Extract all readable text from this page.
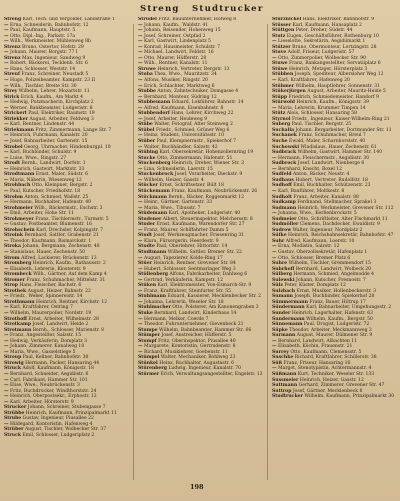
Streng Studtrucker

Streng Karl, Tech. und Vergolder, Landstraße 1

— Erna, Schneiderin, Bahnhofstr. 12

— Paul, Kaufmann, Hauptstr. 5

— Otto, Dipl.-Ing., Parkstr. 17a

— Wilh., Werkmeister, Mühlenweg 8b

Strenz Bruno, Ostertor, Hofstr. 29

— Johann, Maurer, Borgstr. 77 I

Strenz Max, Ingenieur, Sandweg 9

— Robert, Bäckerei, Tecklenb. Str. 6

— Hans, Schlosser, Weststr. 14

Streuf Franz, Schreiner, Neustadt 5

— Hugo, Polizeibeamter, Kampstr. 23 II

— Wilh., Tischler, Breite Str. 30

Strey Wilhelm, Lehrer, Mozartstr. 11

Strick Erich, Kaufm., Am Markt 4

— Hedwig, Putzmacherin, Kirchplatz 2

— Werner, Bankbeamter, Ludgeristr. 8

Strickert Paul, Elektriker, Baumstr. 19

Striekker August, Arbeiter, Feldweg 3

— Karl, Rentner, Lindenstr. 44

Striekmann Fritz, Zimmermann, Lange Str. 7

— Heinrich, Fuhrmann, Kanalstr. 20

— Josef, Bahnarbeiter, Gartenstr. 15

Strobel Georg, Uhrmacher, Hindenburgpl. 10

— Karl, Buchbinder, Schulstr. 9

— Luise, Wwe., Ringstr. 27

Strodt Bernh., Landwirt, Dorfstr. 1

— Heinrich, Gastwirt, Marktstr. 33

Strodtmann Ernst, Maler, Südstr. 6

— Maria, Näherin, Wiesenweg 12

Strohbach Otto, Klempner, Bergstr. 2

— Paul, Kutscher, Friedhofstr. 18

Strohm Anton, Schmied, Wallstr. 25

— Hermann, Buchhalter, Hafenstr. 40

Strohmeier Wilh., Bäckermstr., Eschstr. 3

— Emil, Arbeiter, Hohe Str. 11

Strohmeyer Franz, Tischlermstr., Turmstr. 5

— Gustav, Postbeamter, Blumenstr. 16

Strohschein Karl, Drechsler, Kolpingstr. 7

Stroink Bernhard, Sattler, Grabenstr. 21

— Theodor, Kaufmann, Bismarckstr. 1

Stroka Johann, Bergmann, Zechenstr. 48

— Stanislaus, Hauer, Zechenstr. 50

Strom Alfred, Lackierer, Brückenstr. 13

Stromberg Heinrich, Kaufm., Rathausstr. 2

— Elisabeth, Lehrerin, Klosterstr. 9

Strombeck Wilh., Gärtner, Auf dem Kamp 4

Stromer Franz, Schuhmacher, Mittelstr. 31

Strop Hans, Fleischer, Bachstr. 6

Strotbek August, Heizer, Bahnstr. 22

— Friedr., Weber, Spinnereistr. 14

Strothmann Heinrich, Rentner, Kirchstr. 12

— Karl, Kraftfahrer, Ostring 7

— Wilhelm, Maurerpolier, Nordstr. 19

Strothoff Ernst, Arbeiter, Wilhelmstr. 28

Strotkamp Josef, Landwirt, Heide 2

Strotmann Bernh., Schlosser, Marienstr. 8

— Franz, Angestellter, Salzstr. 15

— Hedwig, Verkäuferin, Domplatz 3

— Johann, Zimmerer, Kanalweg 10

— Maria, Wwe., Gasselstiege 5

Stroup Paul, Kellner, Bahnhofstr. 30

Strowig Hermann, Packer, Hansaring 44

Struck Adolf, Kaufmann, Königsstr. 18

— Bernhard, Schneider, Aegidiistr. 6

— Carl, Fabrikant, Hammer Str. 101

— Elise, Wwe., Neubrückenstr. 3

— Fritz, Buchdrucker, Windthorststr. 24

— Heinrich, Oberpostsekr., Erphostr. 12

— Karl, Arbeiter, Hörsterstr. 9

Strucker Johann, Schreiner, Stubengasse 7

Strübbe Heinrich, Kaufmann, Prinzipalmarkt 11

Strube Gustav, Ingenieur, Piusallee 22

— Hildegard, Kontoristin, Hafenweg 4

Strüber August, Tischler, Wolbecker Str. 37

Struck Emil, Schlosser, Ludgeriplatz 2

Strudel Fritz, Bauunternehmer, Hofweg 8

— Johann, Kaufm., Waldstr. 41

— Johann, Reisender, Hohenweg 15

— Josef, Schreiner, Ostpfad 2

— Karl, Gastwirt, Lindenplatz 5

— Konrad, Hausmeister, Schulstr. 7

— Michael, Landwirt, Feldstr. 16

— Otto, Maurer, Hüfferstr. 28

— Wilh., Rentner, Kanalstr. 11

Struwe Heinrich, Vertreter, Bergstr. 13

Stuba Thea, Wwe., Mauritzstr. 34

— Alfons, Musiker, Ringstr. 20

— Erich, Schlachter, Marktweg 6

Stubbe Anton, Zahntechniker, Domgasse 4

— Bernhard, Monteur, Südring 12

Stubbemann Eduard, Lokführer, Bahnstr. 14

— Alfred, Kaufmann, Eisenbahnstr. 8

Stubbendorf Hans, Lehrer, Kirchweg 22

— Josef, Arbeiter, Heideweg 9

Stübe Walter, Fotograf, Alter Steinweg 2

Stübel Friedr., Schmied, Grüner Weg 6

— Heinz, Student, Universitätsstr. 10

Stüber Paul, Klempnermstr., Spiekerhof 7

— Walter, Buchhändler, Salzstr. 42

Stübing Karl, Obersekretär, Hohenzollernring 19

Stucke Otto, Zimmermann, Hafenstr. 51

Stuckenberg Heinrich, Dreher, Wiener Str. 3

— Lina, Schneiderin, Laerstr. 15

Stuckenbrock Josef, Vorarbeiter, Dieckstr. 9

— Wilhelm, Heizer, Gasstr. 4

Stücker Ernst, Schriftsetzer, Bült 18

Stückemann Franz, Kaufmann, Neubrückenstr. 26

Stückmann Bernh., Bäcker, Roggenmarkt 12

— Heinr., Gärtner, Gartenstr. 33

— Maria, Wwe., Tibusstr. 7

Stüdemann Karl, Apotheker, Ludgeristr. 40

Studener Albert, Steuerinspektor, Melchersstr. 8

Studer Ernst, Kaufmann, Warendorfer Str. 27

— Franz, Maurer, Schiffahrter Damm 5

Studt Josef, Werkzeugmacher, Friesenring 31

— Klara, Fürsorgerin, Heerdestr. 9

Studte Paul, Oberlehrer, Hittorfstr. 14

Studtmann Wilhelm, Sattler, Bremer Str. 22

— August, Tapezierer, Kolde-Ring 17

Stüer Heinrich, Rentner, Grevener Str. 84

— Hubert, Schlosser, Sentmaringer Weg 3

Stüllenberg Alfons, Fabrikarbeiter, Dahlweg 6

— Gertrud, Verkäuferin, Kampstr. 12

Stüken Karl, Elektromeister, Von-Esmarch-Str. 9

— Franz, Kraftfahrer, Steinfurter Str. 55

Stuhlmann Eduard, Kassierer, Mecklenbecker Str. 2

— Johanna, Lehrerin, Weseler Str. 18

Stuhlmacher Otto, Polsterer, Am Kanonengraben 3

Stuke Bernhard, Landwirt, Kinderhaus 14

— Hermann, Melker, Coerde 7

— Theodor, Fuhrunternehmer, Gievenbeck 21

Stumpe Wilhelm, Bahnbeamter, Hammer Str. 66

Stümper Josef, Anstreicher, Hüfferstr. 5

Stumpf Fritz, Oberinspektor, Piusallee 40

— Margarete, Kontoristin, Gertrudenstr. 8

— Richard, Musiklehrer, Goebenstr. 11

Stümpel Walter, Mechaniker, Bohlweg 23

Stünkel Heinz, Buchhalter, Augustastr. 6

Stürenberg Ludwig, Ingenieur, Kanalstr. 70

Stürmer Erich, Verwaltungsangestellter, Engelstr. 13

Stürznickel Hans, Elektriker, Bahnhofstr. 9

Stüsser Karl, Kaufmann, Hansaplatz 2

Stüttgen Peter, Dreher, Südstr. 44

Stutz Eugen, Geschäftsführer, Rothenburg 10

— Lieselotte, Sekretärin, Aegidiimarkt 1

Stützer Bruno, Obermonteur, Lortzingstr. 28

Stuve Adolf, Friseur, Ludgeristr. 57

— Otto, Zimmerpolier, Wolbecker Str. 90

Stuwe Franz, Bankangestellter, Servatiiplatz 6

Stüwe Heinrich, Metzger, Hörsterplatz 3

Stübben Joseph, Spediteur, Albersloher Weg 12

— Karl, Kraftfahrer, Hafenweg 20

Stühmer Wilhelm, Hauptlehrer, Sonnenstr. 31

Stükerjürgen August, Arbeiter, Mauritz-Heide 5

Stüpp Friedrich, Schmiedemeister, Handorf 9

Stürwold Heinrich, Kaufm., Königsstr. 39

— Maria, Lehrerin, Krummer Timpen 14

Stütz Alois, Schlosser, Hansaring 58

Styrnol Friedr., Ingenieur, Kaiser-Wilhelm-Ring 21

Suberg Paul, Tischler, Bergstr. 25

Suchalla Johann, Bergarbeiter, Dortmunder Str. 11

Suchanek Franz, Schuhmacher, Breul 7

Suche Ewald, Maler, Scharnhorststr. 40

Suchowski Wladislaus, Hauer, Zechenstr. 61

Sudbrack Wilhelm, Gastwirt, Hammer Str. 140

— Hermann, Fleischermstr., Aegidiistr. 30

Sudbrock Josef, Landwirt, Nienberge 6

— Bernhard, Knecht, Roxel 12

Sudfeld Anton, Bäcker, Neustr. 4

Sudhaus Hubert, Vertreter, Rudolfstr. 18

Sudhoff Emil, Buchhalter, Schützenstr. 23

— Karl, Bauführer, Moltkestr. 8

Sudholt Franz, Arbeiter, Kanalstr. 88

Sudkamp Ferdinand, Stellmacher, Sprakel 3

Sudmann Heinrich, Werkmeister, Grevener Str. 112

— Johanna, Wwe., Kerßenbrockstr. 5

Sudmeier Otto, Schriftleiter, Alter Fischmarkt 11

Sudmöller Clemens, Dachdecker, Ewaldistr. 9

Sudrow Walter, Ingenieur, Nordplatz 2

Süfke Heinrich, Reichsbahnsekretär, Bahnhofstr. 47

Suhr Alfred, Kaufmann, Loerstr. 10

— Erna, Modistin, Salzstr. 12

— Gustav, Oberzollsekretär, Hafenplatz 1

— Otto, Schlosser, Bremer Platz 6

Suhre Wilhelm, Tischler, Gremmendorf 15

Suhrhoff Bernhard, Landwirt, Wolbeck 20

Sülberg Hermann, Schmied, Angelmodde 4

Sulewski Johann, Kutscher, Fresnostr. 7

Sülz Peter, Küster, Domplatz 12

Sulzbach Ernst, Musiker, Hollenbeckerstr. 3

Sumann Joseph, Buchbinder, Spiekerhof 28

Sümmermann Franz, Bauer, Hiltrup 17

Sündermann Karl, Bahnarbeiter, Umgehungsstr. 2

Sunder Heinrich, Lagerhalter, Hafenstr. 63

Sundermann Wilhelm, Kaufm., Bergstr. 50

Sünnemann Paul, Drogist, Ludgeristr. 72

Süpke Theodor, Arbeiter, Meckmannweg 3

Surmann August, Maurer, Dülmener Str. 9

— Bernhard, Landwirt, Albachten 11

— Elisabeth, Köchin, Frauenstr. 21

Surrey Otto, Kaufmann, Clemensstr. 5

Suschke Richard, Kraftfahrer, Schillerstr. 38

Süß Franz, Friseur, Hansaring 16

— Margot, Stenotypistin, Achtermannstr. 4

Süßmann Kurt, Techniker, Weseler Str. 133

Sussmeier Heinrich, Heizer, Gasstr. 12

Suttmann Gerhard, Zimmerer, Grevener Str. 47

Suttrop Josef, Gärtner, Mecklenbeck 8

Studtrucker Wilhelm, Kaufmann, Prinzipalmarkt 30

198
